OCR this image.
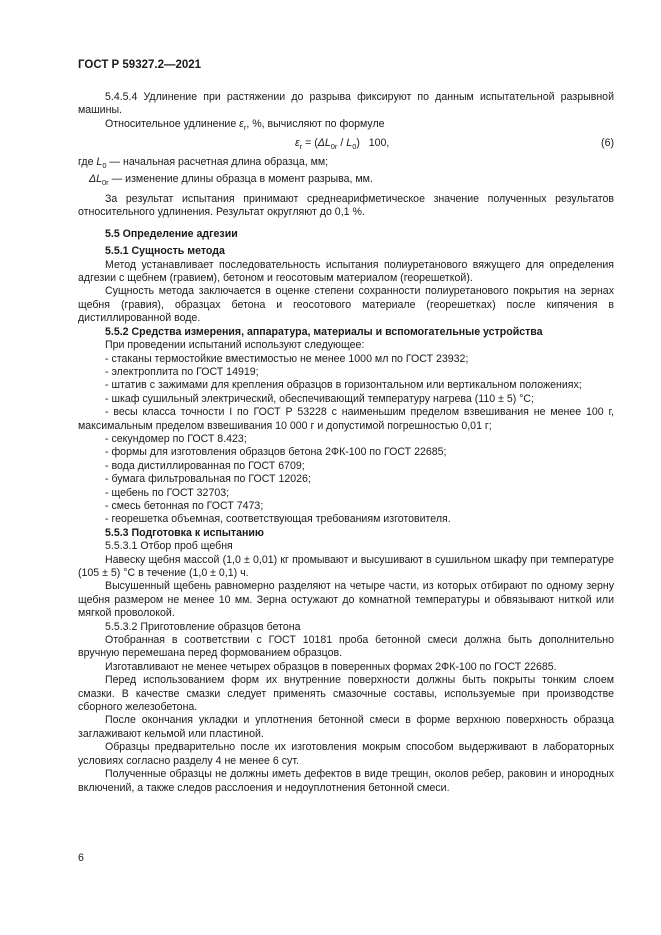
ГОСТ Р 59327.2—2021

5.4.5.4 Удлинение при растяжении до разрыва фиксируют по данным испытательной разрывной машины.

Относительное удлинение $\varepsilon_r$, %, вычисляют по формуле

$\varepsilon_r = (\Delta L_{0r} / L_0)$   100,	(6)

где $L_0$ — начальная расчетная длина образца, мм;

$\Delta L_{0r}$ — изменение длины образца в момент разрыва, мм.

За результат испытания принимают среднеарифметическое значение полученных результатов относительного удлинения. Результат округляют до 0,1 %.

5.5 Определение адгезии

5.5.1 Сущность метода

Метод устанавливает последовательность испытания полиуретанового вяжущего для определения адгезии с щебнем (гравием), бетоном и геосотовым материалом (георешеткой).

Сущность метода заключается в оценке степени сохранности полиуретанового покрытия на зернах щебня (гравия), образцах бетона и геосотового материале (георешетках) после кипячения в дистиллированной воде.

5.5.2 Средства измерения, аппаратура, материалы и вспомогательные устройства

При проведении испытаний используют следующее:

- стаканы термостойкие вместимостью не менее 1000 мл по ГОСТ 23932;

- электроплита по ГОСТ 14919;

- штатив с зажимами для крепления образцов в горизонтальном или вертикальном положениях;

- шкаф сушильный электрический, обеспечивающий температуру нагрева (110 ± 5) °С;

- весы класса точности I по ГОСТ Р 53228 с наименьшим пределом взвешивания не менее 100 г, максимальным пределом взвешивания 10 000 г и допустимой погрешностью 0,01 г;

- секундомер по ГОСТ 8.423;

- формы для изготовления образцов бетона 2ФК-100 по ГОСТ 22685;

- вода дистиллированная по ГОСТ 6709;

- бумага фильтровальная по ГОСТ 12026;

- щебень по ГОСТ 32703;

- смесь бетонная по ГОСТ 7473;

- георешетка объемная, соответствующая требованиям изготовителя.

5.5.3 Подготовка к испытанию

5.5.3.1 Отбор проб щебня

Навеску щебня массой (1,0 ± 0,01) кг промывают и высушивают в сушильном шкафу при температуре (105 ± 5) °С в течение (1,0 ± 0,1) ч.

Высушенный щебень равномерно разделяют на четыре части, из которых отбирают по одному зерну щебня размером не менее 10 мм. Зерна остужают до комнатной температуры и обвязывают ниткой или мягкой проволокой.

5.5.3.2 Приготовление образцов бетона

Отобранная в соответствии с ГОСТ 10181 проба бетонной смеси должна быть дополнительно вручную перемешана перед формованием образцов.

Изготавливают не менее четырех образцов в поверенных формах 2ФК-100 по ГОСТ 22685.

Перед использованием форм их внутренние поверхности должны быть покрыты тонким слоем смазки. В качестве смазки следует применять смазочные составы, используемые при производстве сборного железобетона.

После окончания укладки и уплотнения бетонной смеси в форме верхнюю поверхность образца заглаживают кельмой или пластиной.

Образцы предварительно после их изготовления мокрым способом выдерживают в лабораторных условиях согласно разделу 4 не менее 6 сут.

Полученные образцы не должны иметь дефектов в виде трещин, околов ребер, раковин и инородных включений, а также следов расслоения и недоуплотнения бетонной смеси.

6
